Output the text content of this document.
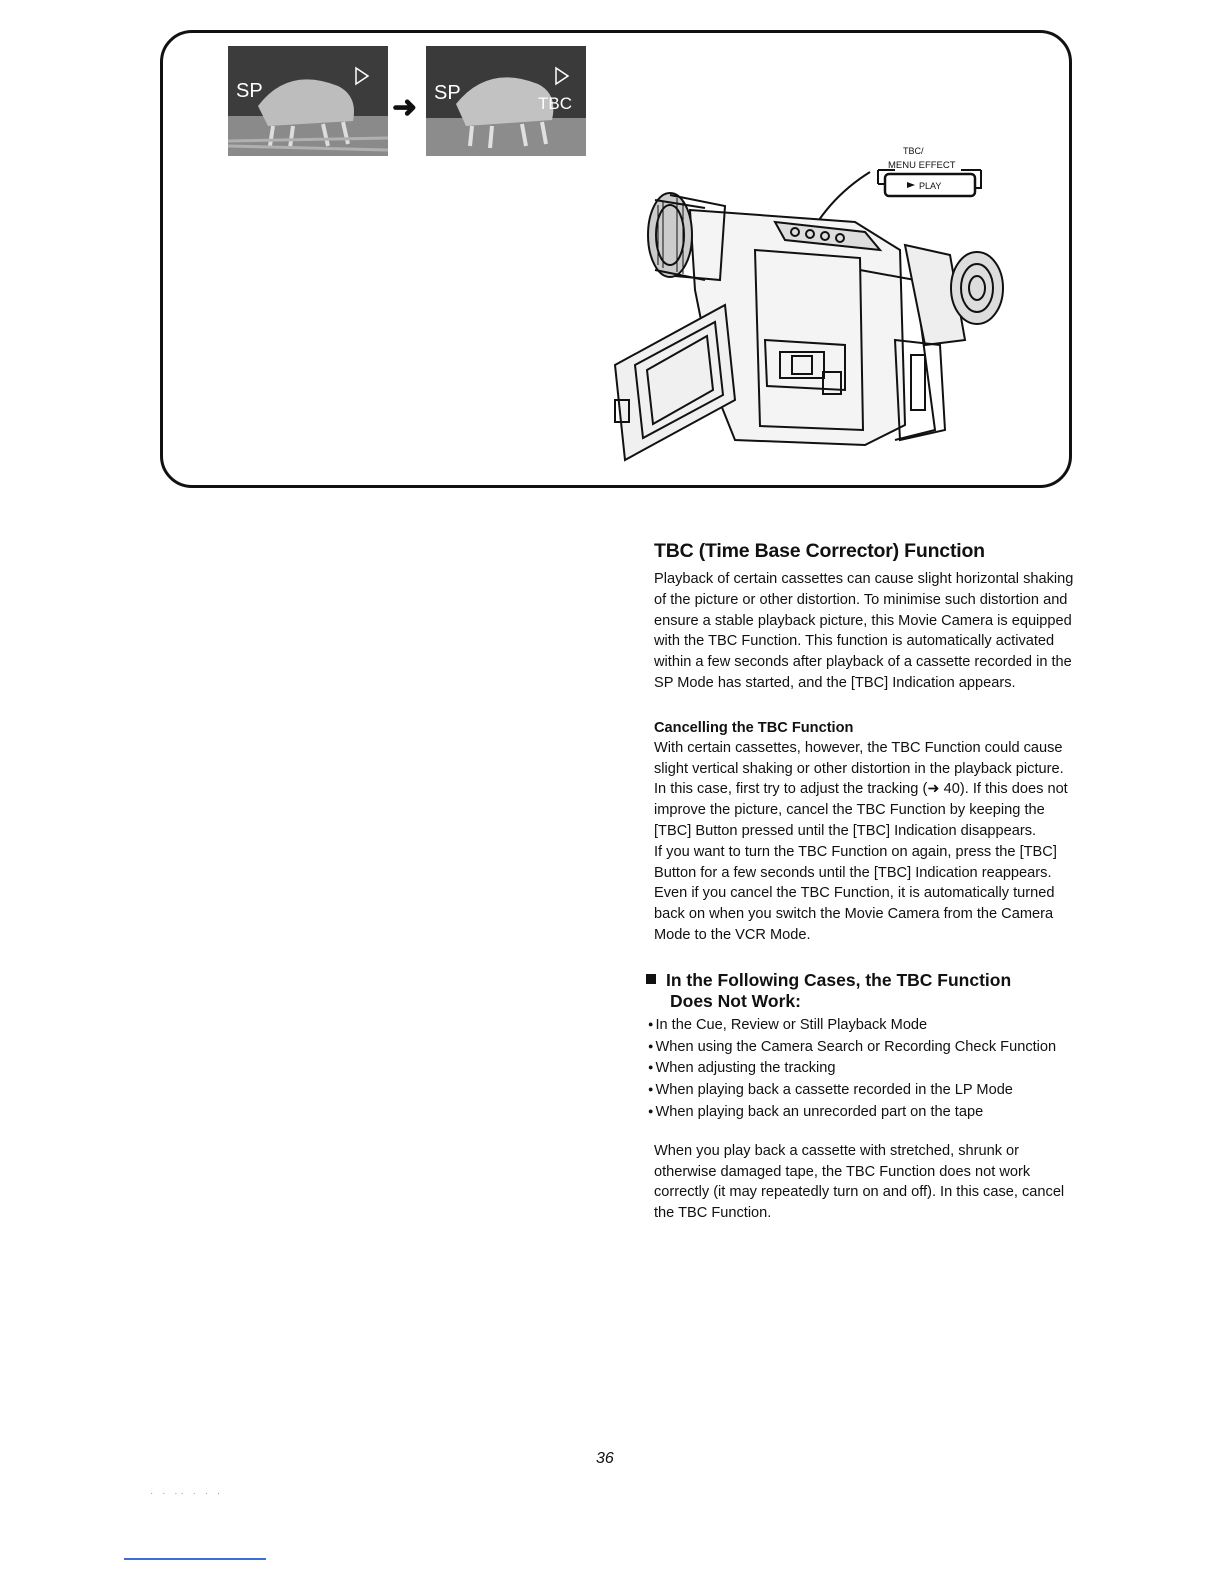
SP	➜ SP	TBC
TBC/
MENU EFFECT
PLAY
TBC (Time Base Corrector) Function

Playback of certain cassettes can cause slight horizontal shaking of the picture or other distortion. To minimise such distortion and ensure a stable playback picture, this Movie Camera is equipped with the TBC Function. This function is automatically activated within a few seconds after playback of a cassette recorded in the SP Mode has started, and the [TBC] Indication appears.

Cancelling the TBC Function

With certain cassettes, however, the TBC Function could cause slight vertical shaking or other distortion in the playback picture.

In this case, first try to adjust the tracking (➜ 40). If this does not improve the picture, cancel the TBC Function by keeping the [TBC] Button pressed until the [TBC] Indication disappears.

If you want to turn the TBC Function on again, press the [TBC] Button for a few seconds until the [TBC] Indication reappears.

Even if you cancel the TBC Function, it is automatically turned back on when you switch the Movie Camera from the Camera Mode to the VCR Mode.

In the Following Cases, the TBC Function
Does Not Work:
● In the Cue, Review or Still Playback Mode
● When using the Camera Search or Recording Check Function
● When adjusting the tracking
● When playing back a cassette recorded in the LP Mode
● When playing back an unrecorded part on the tape

When you play back a cassette with stretched, shrunk or otherwise damaged tape, the TBC Function does not work correctly (it may repeatedly turn on and off). In this case, cancel the TBC Function.

36
· · ·· · · ·
